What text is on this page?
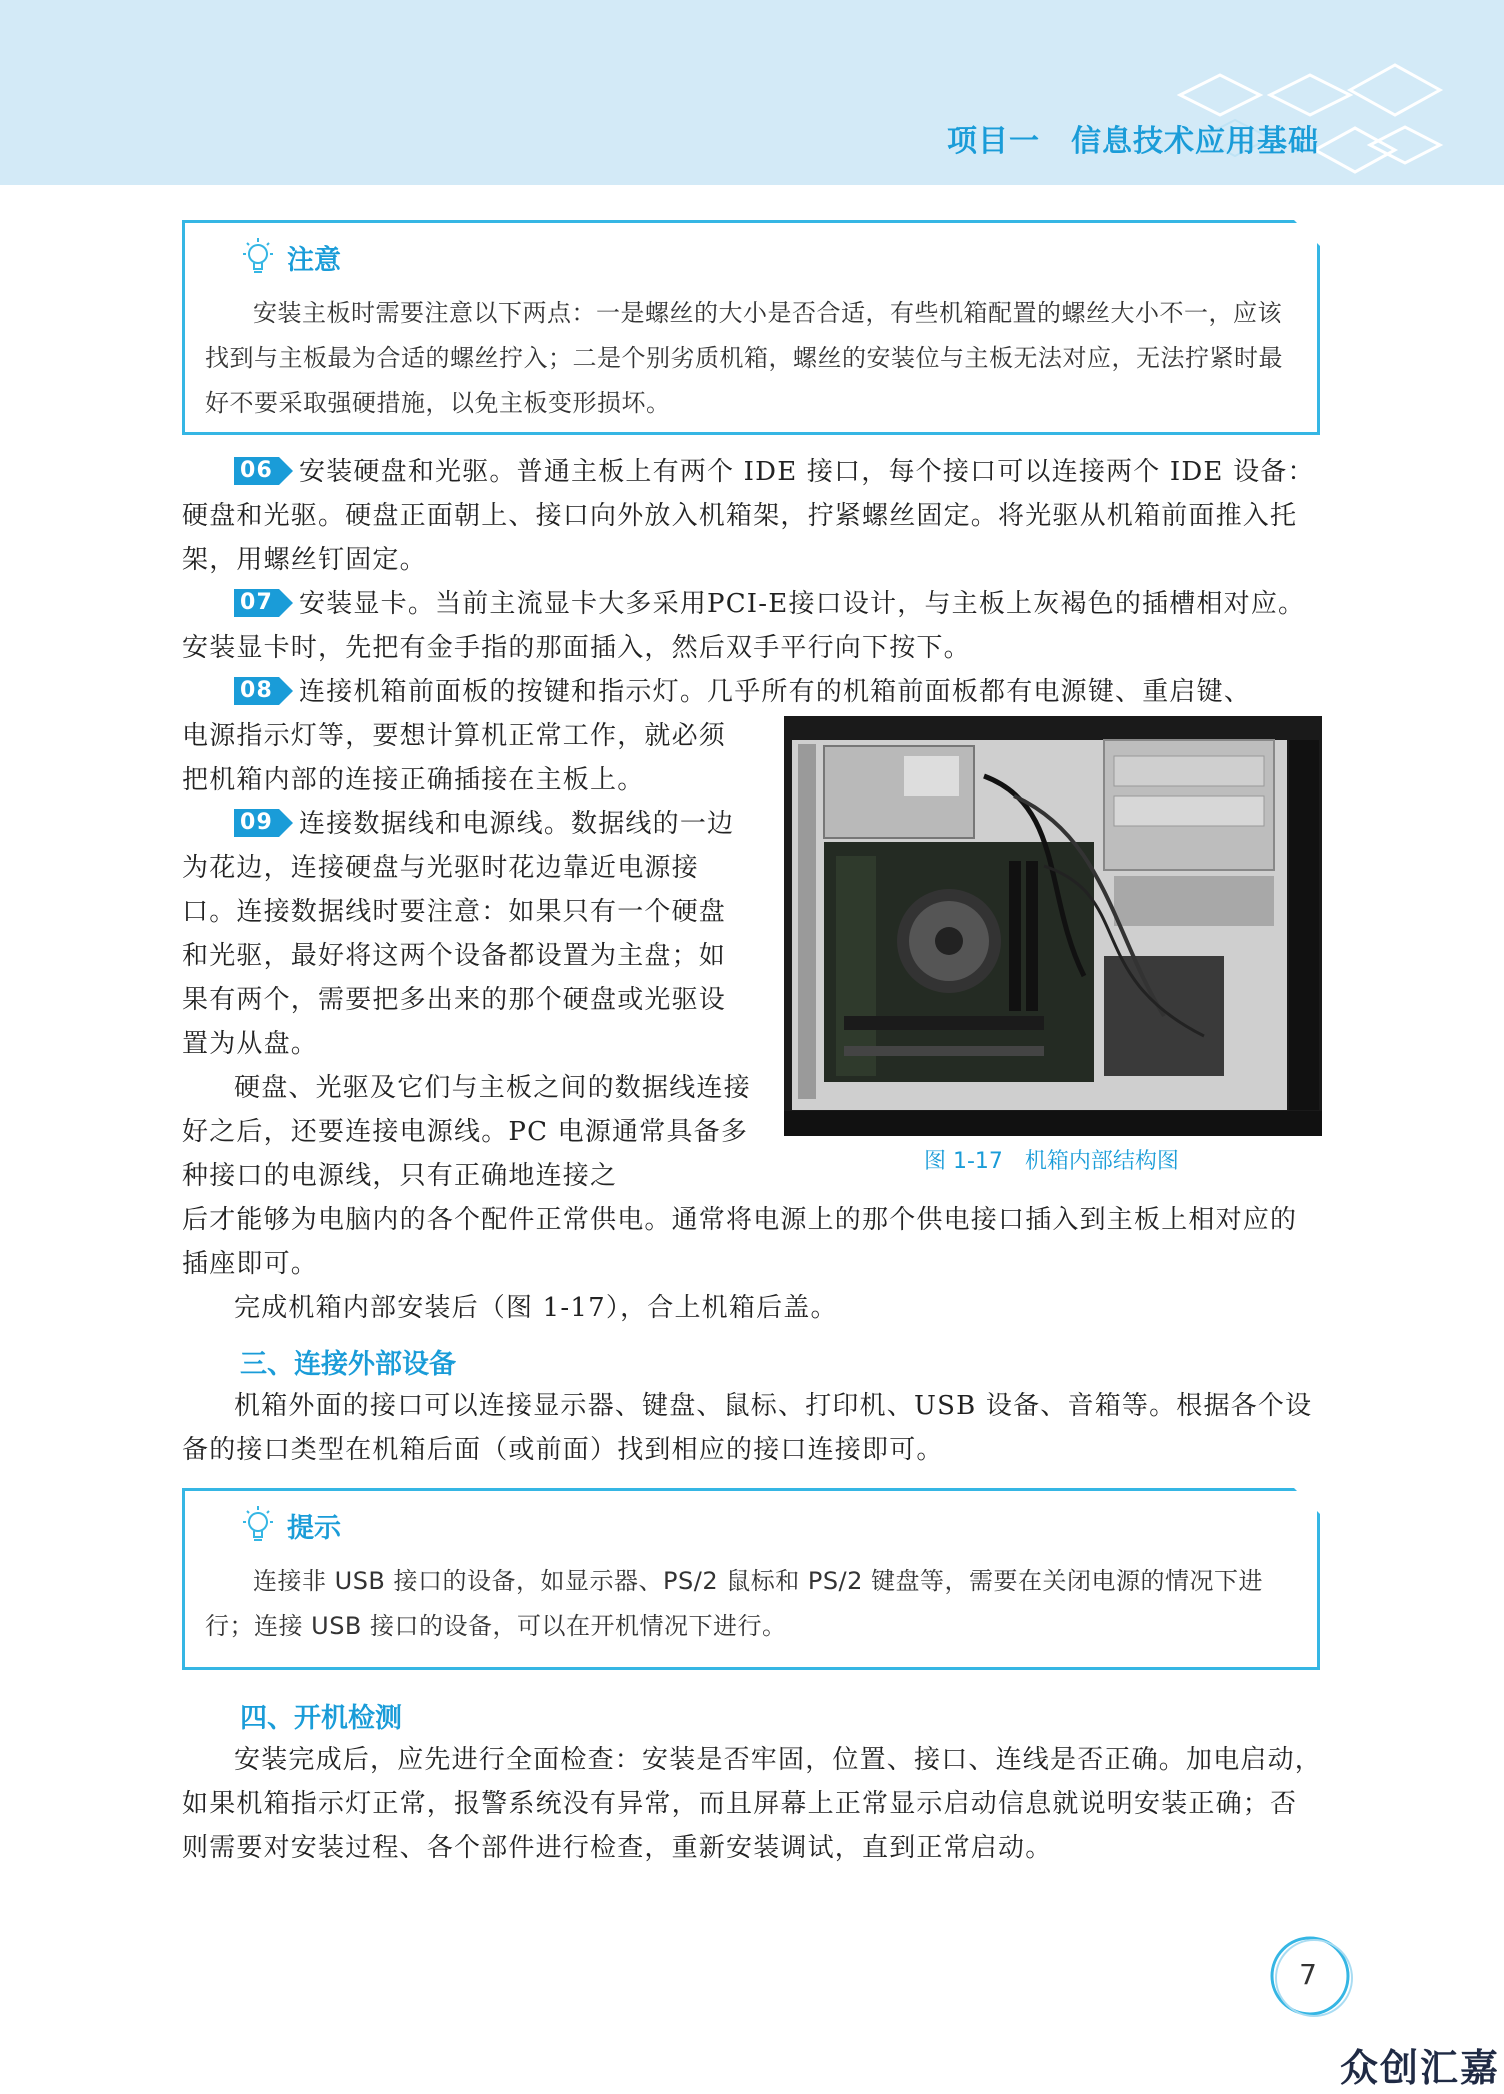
项目一　信息技术应用基础
注意
安装主板时需要注意以下两点：一是螺丝的大小是否合适，有些机箱配置的螺丝大小不一，应该找到与主板最为合适的螺丝拧入；二是个别劣质机箱，螺丝的安装位与主板无法对应，无法拧紧时最好不要采取强硬措施，以免主板变形损坏。

06 安装硬盘和光驱。普通主板上有两个 IDE 接口，每个接口可以连接两个 IDE 设备：硬盘和光驱。硬盘正面朝上、接口向外放入机箱架，拧紧螺丝固定。将光驱从机箱前面推入托架，用螺丝钉固定。

07 安装显卡。当前主流显卡大多采用PCI-E接口设计，与主板上灰褐色的插槽相对应。安装显卡时，先把有金手指的那面插入，然后双手平行向下按下。

08 连接机箱前面板的按键和指示灯。几乎所有的机箱前面板都有电源键、重启键、

电源指示灯等，要想计算机正常工作，就必须把机箱内部的连接正确插接在主板上。

09 连接数据线和电源线。数据线的一边为花边，连接硬盘与光驱时花边靠近电源接口。连接数据线时要注意：如果只有一个硬盘和光驱，最好将这两个设备都设置为主盘；如果有两个，需要把多出来的那个硬盘或光驱设置为从盘。

硬盘、光驱及它们与主板之间的数据线连接好之后，还要连接电源线。PC 电源通常具备多种接口的电源线，只有正确地连接之

后才能够为电脑内的各个配件正常供电。通常将电源上的那个供电接口插入到主板上相对应的插座即可。

完成机箱内部安装后（图 1-17），合上机箱后盖。

图 1-17　机箱内部结构图
三、连接外部设备

机箱外面的接口可以连接显示器、键盘、鼠标、打印机、USB 设备、音箱等。根据各个设备的接口类型在机箱后面（或前面）找到相应的接口连接即可。

提示
连接非 USB 接口的设备，如显示器、PS/2 鼠标和 PS/2 键盘等，需要在关闭电源的情况下进行；连接 USB 接口的设备，可以在开机情况下进行。
四、开机检测

安装完成后，应先进行全面检查：安装是否牢固，位置、接口、连线是否正确。加电启动，如果机箱指示灯正常，报警系统没有异常，而且屏幕上正常显示启动信息就说明安装正确；否则需要对安装过程、各个部件进行检查，重新安装调试，直到正常启动。

7
众创汇嘉
